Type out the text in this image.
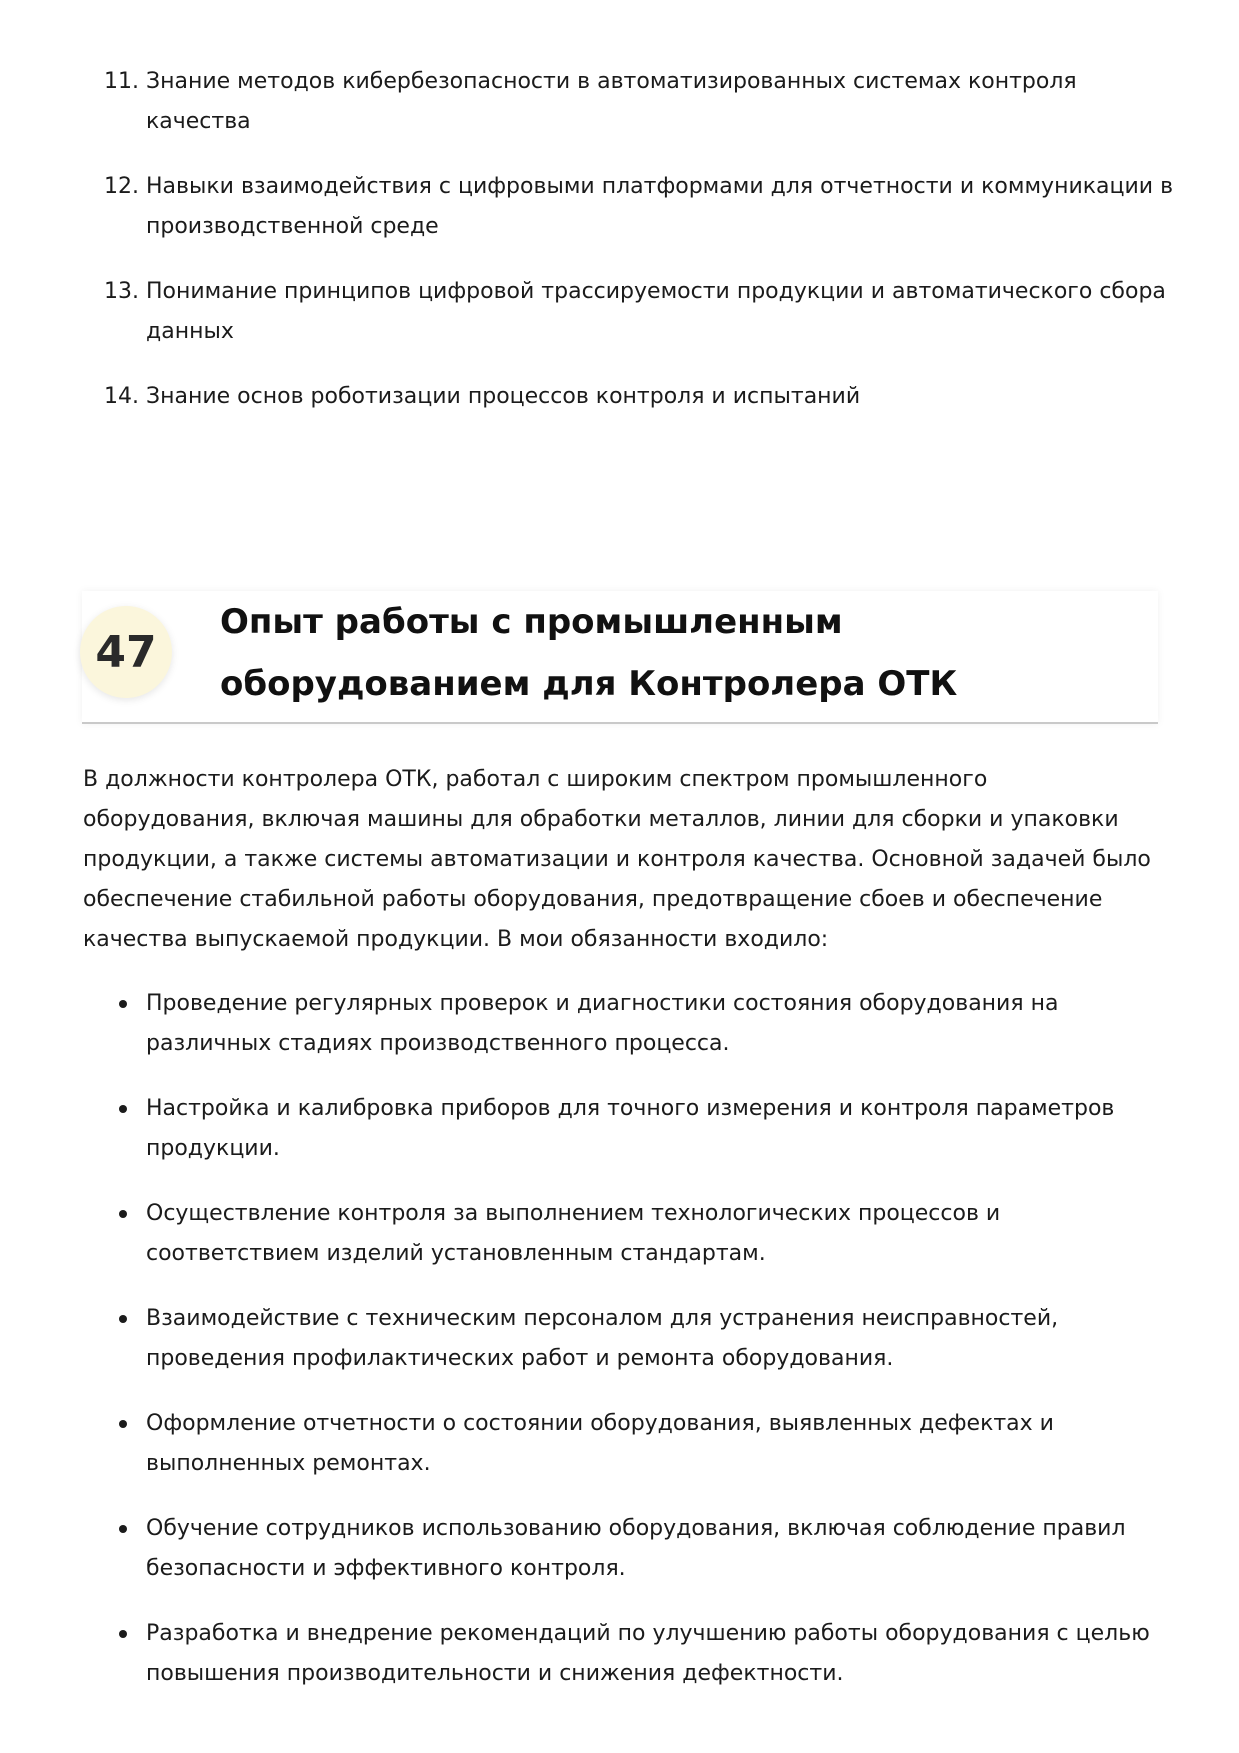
11. Знание методов кибербезопасности в автоматизированных системах контроля качества
12. Навыки взаимодействия с цифровыми платформами для отчетности и коммуникации в производственной среде
13. Понимание принципов цифровой трассируемости продукции и автоматического сбора данных
14. Знание основ роботизации процессов контроля и испытаний
47
Опыт работы с промышленным оборудованием для Контролера ОТК

В должности контролера ОТК, работал с широким спектром промышленного оборудования, включая машины для обработки металлов, линии для сборки и упаковки продукции, а также системы автоматизации и контроля качества. Основной задачей было обеспечение стабильной работы оборудования, предотвращение сбоев и обеспечение качества выпускаемой продукции. В мои обязанности входило:

Проведение регулярных проверок и диагностики состояния оборудования на различных стадиях производственного процесса.
Настройка и калибровка приборов для точного измерения и контроля параметров продукции.
Осуществление контроля за выполнением технологических процессов и соответствием изделий установленным стандартам.
Взаимодействие с техническим персоналом для устранения неисправностей, проведения профилактических работ и ремонта оборудования.
Оформление отчетности о состоянии оборудования, выявленных дефектах и выполненных ремонтах.
Обучение сотрудников использованию оборудования, включая соблюдение правил безопасности и эффективного контроля.
Разработка и внедрение рекомендаций по улучшению работы оборудования с целью повышения производительности и снижения дефектности.
